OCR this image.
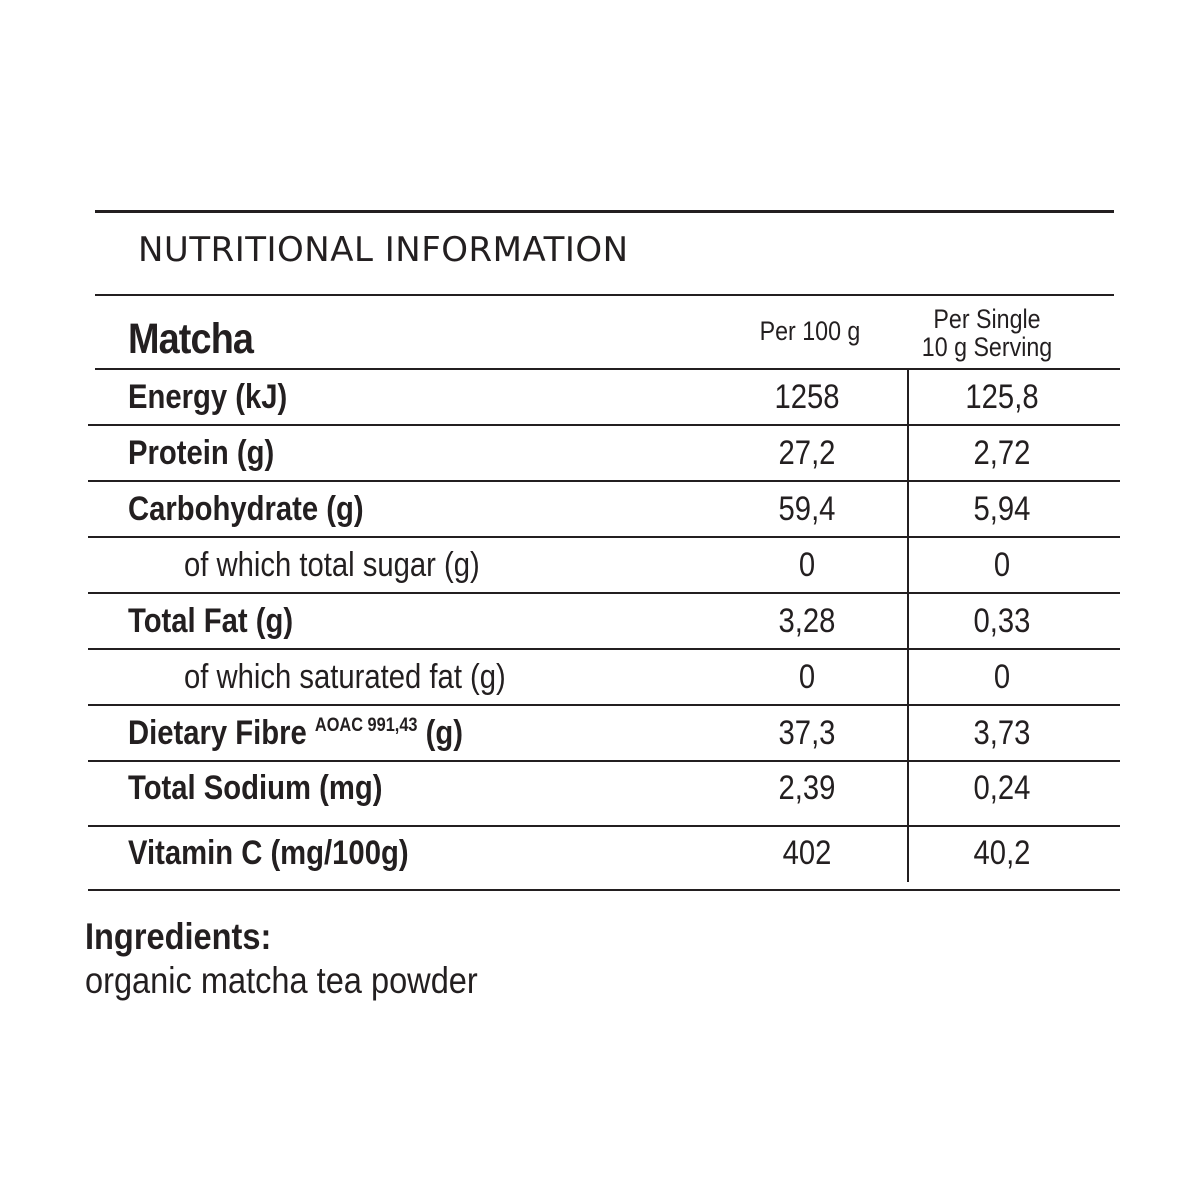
NUTRITIONAL INFORMATION
Matcha	Per 100 g	Per Single
10 g Serving
Energy (kJ)	1258	125,8
Protein (g)	27,2	2,72
Carbohydrate (g)	59,4	5,94
of which total sugar (g)	0	0
Total Fat (g)	3,28	0,33
of which saturated fat (g)	0	0
Dietary Fibre $^{AOAC 991,43}$ (g)	37,3	3,73
Total Sodium (mg)	2,39	0,24
Vitamin C (mg/100g)	402	40,2
Ingredients:
organic matcha tea powder
